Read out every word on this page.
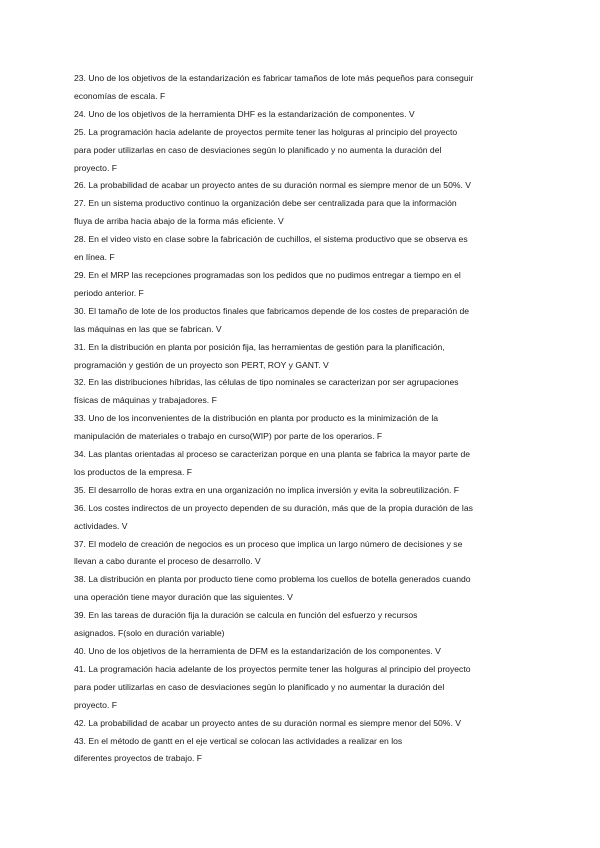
23. Uno de los objetivos de la estandarización es fabricar tamaños de lote más pequeños para conseguir
economías de escala. F

24. Uno de los objetivos de la herramienta DHF es la estandarización de componentes. V

25. La programación hacia adelante de proyectos permite tener las holguras al principio del proyecto
para poder utilizarlas en caso de desviaciones según lo planificado y no aumenta la duración del
proyecto. F

26. La probabilidad de acabar un proyecto antes de su duración normal es siempre menor de un 50%. V

27. En un sistema productivo continuo la organización debe ser centralizada para que la información
fluya de arriba hacia abajo de la forma más eficiente. V

28. En el video visto en clase sobre la fabricación de cuchillos, el sistema productivo que se observa es
en línea. F

29. En el MRP las recepciones programadas son los pedidos que no pudimos entregar a tiempo en el
periodo anterior. F

30. El tamaño de lote de los productos finales que fabricamos depende de los costes de preparación de
las máquinas en las que se fabrican. V

31. En la distribución en planta por posición fija, las herramientas de gestión para la planificación,
programación y gestión de un proyecto son PERT, ROY y GANT. V

32. En las distribuciones híbridas, las células de tipo nominales se caracterizan por ser agrupaciones
físicas de máquinas y trabajadores. F

33. Uno de los inconvenientes de la distribución en planta por producto es la minimización de la
manipulación de materiales o trabajo en curso(WIP) por parte de los operarios. F

34. Las plantas orientadas al proceso se caracterizan porque en una planta se fabrica la mayor parte de
los productos de la empresa. F

35. El desarrollo de horas extra en una organización no implica inversión y evita la sobreutilización. F

36. Los costes indirectos de un proyecto dependen de su duración, más que de la propia duración de las
actividades. V

37. El modelo de creación de negocios es un proceso que implica un largo número de decisiones y se
llevan a cabo durante el proceso de desarrollo. V

38. La distribución en planta por producto tiene como problema los cuellos de botella generados cuando
una operación tiene mayor duración que las siguientes. V

39. En las tareas de duración fija la duración se calcula en función del esfuerzo y recursos
asignados. F(solo en duración variable)

40. Uno de los objetivos de la herramienta de DFM es la estandarización de los componentes. V

41. La programación hacia adelante de los proyectos permite tener las holguras al principio del proyecto
para poder utilizarlas en caso de desviaciones según lo planificado y no aumentar la duración del
proyecto. F

42. La probabilidad de acabar un proyecto antes de su duración normal es siempre menor del 50%. V

43. En el método de gantt en el eje vertical se colocan las actividades a realizar en los
diferentes proyectos de trabajo. F
